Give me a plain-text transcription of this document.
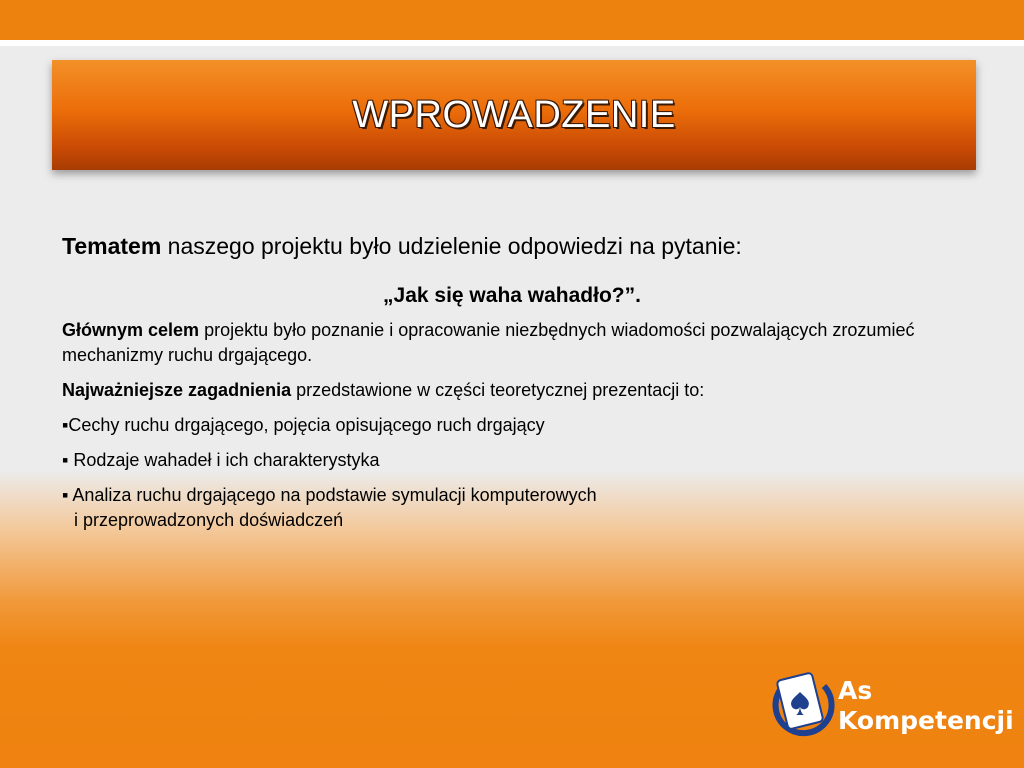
WPROWADZENIE
Tematem naszego projektu było udzielenie odpowiedzi na pytanie:
„Jak się waha wahadło?”.
Głównym celem projektu było poznanie i opracowanie niezbędnych wiadomości pozwalających zrozumieć mechanizmy ruchu drgającego.
Najważniejsze zagadnienia przedstawione w części teoretycznej prezentacji to:
▪Cechy ruchu drgającego, pojęcia opisującego ruch drgający
▪ Rodzaje wahadeł i ich charakterystyka
▪ Analiza ruchu drgającego na podstawie symulacji komputerowych
i przeprowadzonych doświadczeń
As
Kompetencji
